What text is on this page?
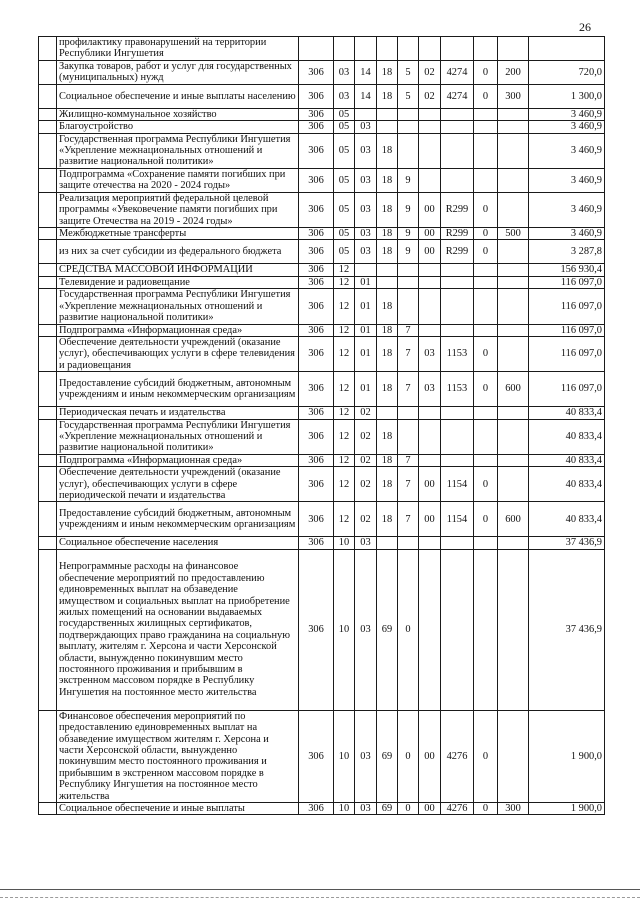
26
	профилактику правонарушений на территории Республики Ингушетия										
	Закупка товаров, работ и услуг для государственных (муниципальных) нужд	306	03	14	18	5	02	4274	0	200	720,0
	Социальное обеспечение и иные выплаты населению	306	03	14	18	5	02	4274	0	300	1 300,0
	Жилищно-коммунальное хозяйство	306	05								3 460,9
	Благоустройство	306	05	03							3 460,9
	Государственная программа Республики Ингушетия «Укрепление межнациональных отношений и развитие национальной политики»	306	05	03	18						3 460,9
	Подпрограмма «Сохранение памяти погибших при защите отечества на 2020 - 2024 годы»	306	05	03	18	9					3 460,9
	Реализация мероприятий федеральной целевой программы «Увековечение памяти погибших при защите Отечества на 2019 - 2024 годы»	306	05	03	18	9	00	R299	0		3 460,9
	Межбюджетные трансферты	306	05	03	18	9	00	R299	0	500	3 460,9
	из них за счет субсидии из федерального бюджета	306	05	03	18	9	00	R299	0		3 287,8
	СРЕДСТВА МАССОВОЙ ИНФОРМАЦИИ	306	12								156 930,4
	Телевидение и радиовещание	306	12	01							116 097,0
	Государственная программа Республики Ингушетия «Укрепление межнациональных отношений и развитие национальной политики»	306	12	01	18						116 097,0
	Подпрограмма «Информационная среда»	306	12	01	18	7					116 097,0
	Обеспечение деятельности учреждений (оказание услуг), обеспечивающих услуги в сфере телевидения и радиовещания	306	12	01	18	7	03	1153	0		116 097,0
	Предоставление субсидий бюджетным, автономным учреждениям и иным некоммерческим организациям	306	12	01	18	7	03	1153	0	600	116 097,0
	Периодическая печать и издательства	306	12	02							40 833,4
	Государственная программа Республики Ингушетия «Укрепление межнациональных отношений и развитие национальной политики»	306	12	02	18						40 833,4
	Подпрограмма «Информационная среда»	306	12	02	18	7					40 833,4
	Обеспечение деятельности учреждений (оказание услуг), обеспечивающих услуги в сфере периодической печати и издательства	306	12	02	18	7	00	1154	0		40 833,4
	Предоставление субсидий бюджетным, автономным учреждениям и иным некоммерческим организациям	306	12	02	18	7	00	1154	0	600	40 833,4
	Социальное обеспечение населения	306	10	03							37 436,9
	Непрограммные расходы на финансовое обеспечение мероприятий по предоставлению единовременных выплат на обзаведение имуществом и социальных выплат на приобретение жилых помещений на основании выдаваемых государственных жилищных сертификатов, подтверждающих право гражданина на социальную выплату, жителям г. Херсона и части Херсонской области, вынужденно покинувшим место постоянного проживания и прибывшим в экстренном массовом порядке в Республику Ингушетия на постоянное место жительства	306	10	03	69	0					37 436,9
	Финансовое обеспечения мероприятий по предоставлению единовременных выплат на обзаведение имуществом жителям г. Херсона и части Херсонской области, вынужденно покинувшим место постоянного проживания и прибывшим в экстренном массовом порядке в Республику Ингушетия на постоянное место жительства	306	10	03	69	0	00	4276	0		1 900,0
	Социальное обеспечение и иные выплаты	306	10	03	69	0	00	4276	0	300	1 900,0
